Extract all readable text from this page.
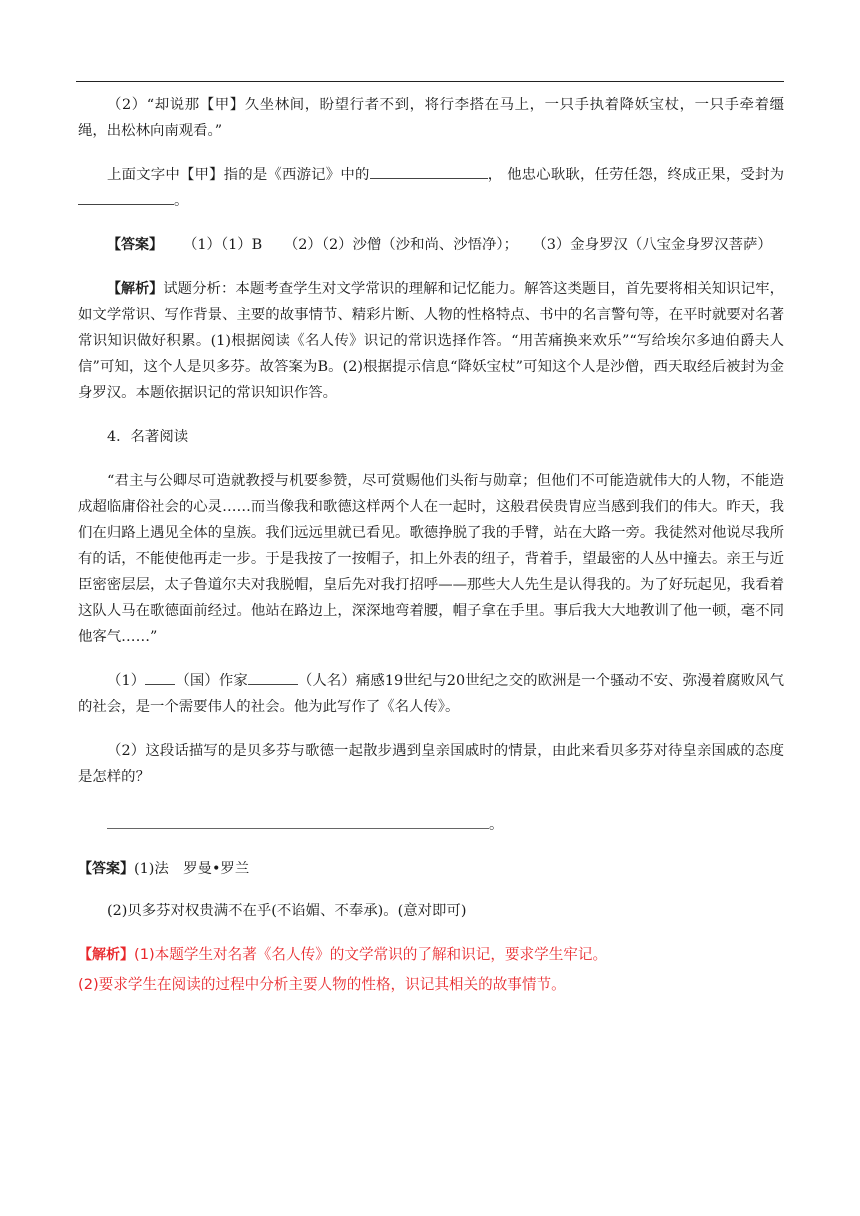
（2）“却说那【甲】久坐林间，盼望行者不到，将行李搭在马上，一只手执着降妖宝杖，一只手牵着缰绳，出松林向南观看。”

上面文字中【甲】指的是《西游记》中的	， 他忠心耿耿，任劳任怨，终成正果，受封为。

【答案】 （1）（1）B　　（2）（2）沙僧（沙和尚、沙悟净）；　　（3）金身罗汉（八宝金身罗汉菩萨）

【解析】试题分析：本题考查学生对文学常识的理解和记忆能力。解答这类题目，首先要将相关知识记牢，如文学常识、写作背景、主要的故事情节、精彩片断、人物的性格特点、书中的名言警句等，在平时就要对名著常识知识做好积累。(1)根据阅读《名人传》识记的常识选择作答。“用苦痛换来欢乐”“写给埃尔多迪伯爵夫人信”可知，这个人是贝多芬。故答案为B。(2)根据提示信息“降妖宝杖”可知这个人是沙僧，西天取经后被封为金身罗汉。本题依据识记的常识知识作答。

4．名著阅读

“君主与公卿尽可造就教授与机要参赞，尽可赏赐他们头衔与勋章；但他们不可能造就伟大的人物，不能造成超临庸俗社会的心灵……而当像我和歌德这样两个人在一起时，这般君侯贵胄应当感到我们的伟大。昨天，我们在归路上遇见全体的皇族。我们远远里就已看见。歌德挣脱了我的手臂，站在大路一旁。我徒然对他说尽我所有的话，不能使他再走一步。于是我按了一按帽子，扣上外表的纽子，背着手，望最密的人丛中撞去。亲王与近臣密密层层，太子鲁道尔夫对我脱帽，皇后先对我打招呼——那些大人先生是认得我的。为了好玩起见，我看着这队人马在歌德面前经过。他站在路边上，深深地弯着腰，帽子拿在手里。事后我大大地教训了他一顿，毫不同他客气……”

（1） （国）作家	（人名）痛感19世纪与20世纪之交的欧洲是一个骚动不安、弥漫着腐败风气的社会，是一个需要伟人的社会。他为此写作了《名人传》。

（2）这段话描写的是贝多芬与歌德一起散步遇到皇亲国戚时的情景，由此来看贝多芬对待皇亲国戚的态度是怎样的？

。

【答案】(1)法　罗曼•罗兰

(2)贝多芬对权贵满不在乎(不谄媚、不奉承)。(意对即可)

【解析】(1)本题学生对名著《名人传》的文学常识的了解和识记，要求学生牢记。

(2)要求学生在阅读的过程中分析主要人物的性格，识记其相关的故事情节。
